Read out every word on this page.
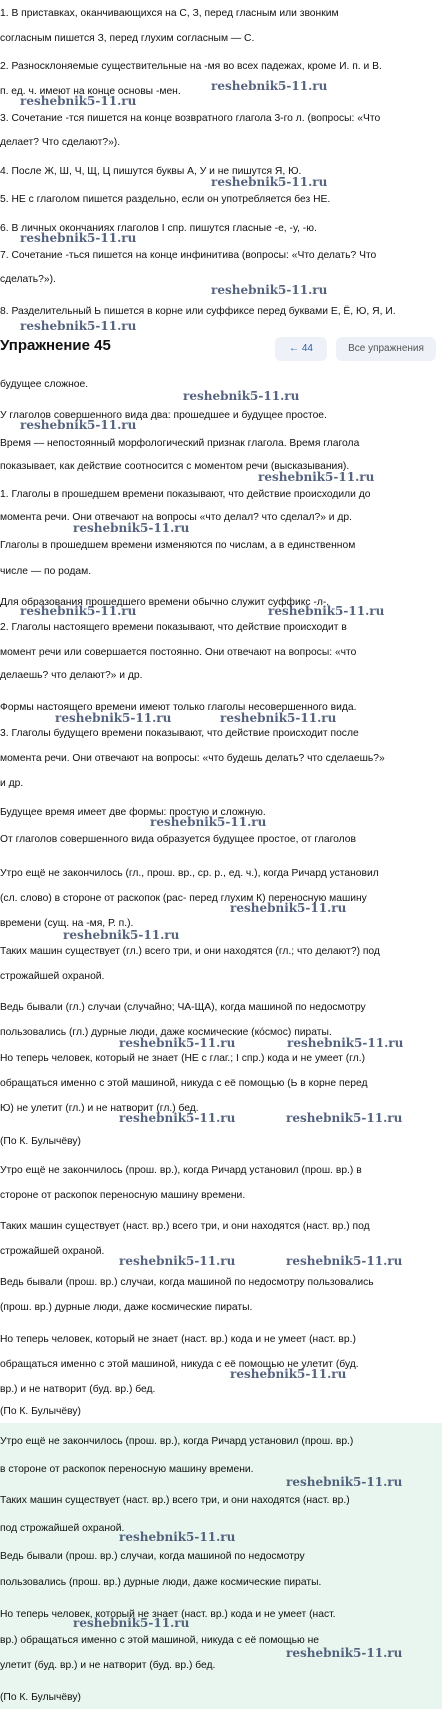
1. В приставках, оканчивающихся на С, З, перед гласным или звонким
согласным пишется З, перед глухим согласным — С.
2. Разносклоняемые существительные на -мя во всех падежах, кроме И. п. и В.
п. ед. ч. имеют на конце основы -мен.
3. Сочетание -тся пишется на конце возвратного глагола 3-го л. (вопросы: «Что
делает? Что сделают?»).
4. После Ж, Ш, Ч, Щ, Ц пишутся буквы А, У и не пишутся Я, Ю.
5. НЕ с глаголом пишется раздельно, если он употребляется без НЕ.
6. В личных окончаниях глаголов I спр. пишутся гласные -е, -у, -ю.
7. Сочетание -ться пишется на конце инфинитива (вопросы: «Что делать? Что
сделать?»).
8. Разделительный Ь пишется в корне или суффиксе перед буквами Е, Ё, Ю, Я, И.
Упражнение 45	← 44	Все упражнения
будущее сложное.
У глаголов совершенного вида два: прошедшее и будущее простое.
Время — непостоянный морфологический признак глагола. Время глагола
показывает, как действие соотносится с моментом речи (высказывания).
1. Глаголы в прошедшем времени показывают, что действие происходили до
момента речи. Они отвечают на вопросы «что делал? что сделал?» и др.
Глаголы в прошедшем времени изменяются по числам, а в единственном
числе — по родам.
Для образования прошедшего времени обычно служит суффикс -л-.
2. Глаголы настоящего времени показывают, что действие происходит в
момент речи или совершается постоянно. Они отвечают на вопросы: «что
делаешь? что делают?» и др.
Формы настоящего времени имеют только глаголы несовершенного вида.
3. Глаголы будущего времени показывают, что действие происходит после
момента речи. Они отвечают на вопросы: «что будешь делать? что сделаешь?»
и др.
Будущее время имеет две формы: простую и сложную.
От глаголов совершенного вида образуется будущее простое, от глаголов
Утро ещё не закончилось (гл., прош. вр., ср. р., ед. ч.), когда Ричард установил
(сл. слово) в стороне от раскопок (рас- перед глухим К) переносную машину
времени (сущ. на -мя, Р. п.).
Таких машин существует (гл.) всего три, и они находятся (гл.; что делают?) под
строжайшей охраной.
Ведь бывали (гл.) случаи (случайно; ЧА-ЩА), когда машиной по недосмотру
пользовались (гл.) дурные люди, даже космические (кóсмос) пираты.
Но теперь человек, который не знает (НЕ с глаг.; I спр.) кода и не умеет (гл.)
обращаться именно с этой машиной, никуда с её помощью (Ь в корне перед
Ю) не улетит (гл.) и не натворит (гл.) бед.
(По К. Булычёву)
Утро ещё не закончилось (прош. вр.), когда Ричард установил (прош. вр.) в
стороне от раскопок переносную машину времени.
Таких машин существует (наст. вр.) всего три, и они находятся (наст. вр.) под
строжайшей охраной.
Ведь бывали (прош. вр.) случаи, когда машиной по недосмотру пользовались
(прош. вр.) дурные люди, даже космические пираты.
Но теперь человек, который не знает (наст. вр.) кода и не умеет (наст. вр.)
обращаться именно с этой машиной, никуда с её помощью не улетит (буд.
вр.) и не натворит (буд. вр.) бед.
(По К. Булычёву)
Утро ещё не закончилось (прош. вр.), когда Ричард установил (прош. вр.)
в стороне от раскопок переносную машину времени.
Таких машин существует (наст. вр.) всего три, и они находятся (наст. вр.)
под строжайшей охраной.
Ведь бывали (прош. вр.) случаи, когда машиной по недосмотру
пользовались (прош. вр.) дурные люди, даже космические пираты.
Но теперь человек, который не знает (наст. вр.) кода и не умеет (наст.
вр.) обращаться именно с этой машиной, никуда с её помощью не
улетит (буд. вр.) и не натворит (буд. вр.) бед.
(По К. Булычёву)
reshebnik5-11.ru
reshebnik5-11.ru
reshebnik5-11.ru
reshebnik5-11.ru
reshebnik5-11.ru
reshebnik5-11.ru
reshebnik5-11.ru
reshebnik5-11.ru
reshebnik5-11.ru
reshebnik5-11.ru
reshebnik5-11.ru	reshebnik5-11.ru
reshebnik5-11.ru	reshebnik5-11.ru
reshebnik5-11.ru
reshebnik5-11.ru
reshebnik5-11.ru
reshebnik5-11.ru	reshebnik5-11.ru
reshebnik5-11.ru	reshebnik5-11.ru
reshebnik5-11.ru	reshebnik5-11.ru
reshebnik5-11.ru
reshebnik5-11.ru
reshebnik5-11.ru
reshebnik5-11.ru
reshebnik5-11.ru
